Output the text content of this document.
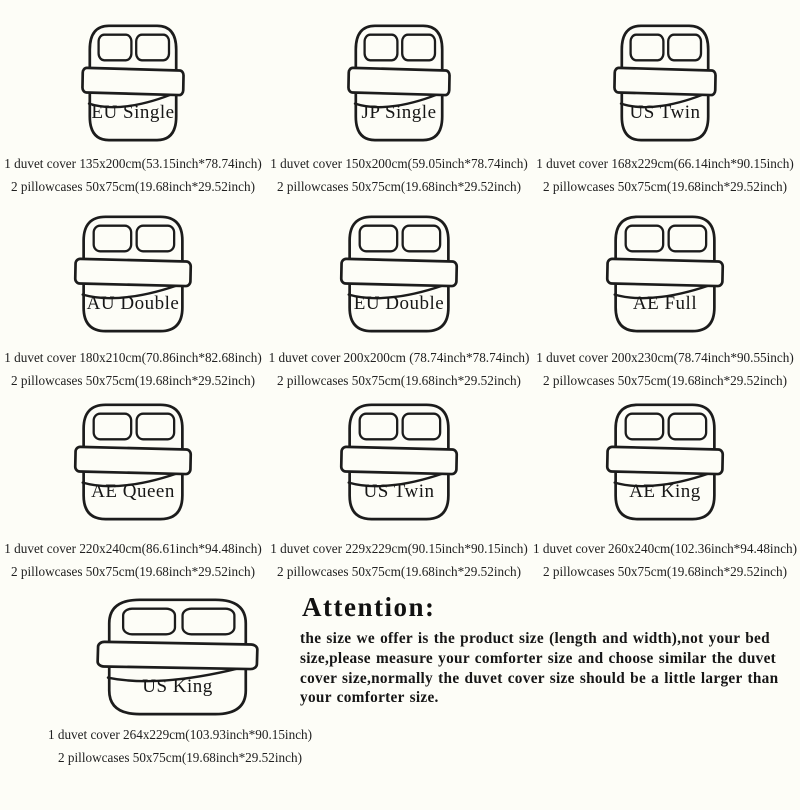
EU Single
1 duvet cover 135x200cm(53.15inch*78.74inch)
2 pillowcases 50x75cm(19.68inch*29.52inch)
JP Single
1 duvet cover 150x200cm(59.05inch*78.74inch)
2 pillowcases 50x75cm(19.68inch*29.52inch)
US Twin
1 duvet cover 168x229cm(66.14inch*90.15inch)
2 pillowcases 50x75cm(19.68inch*29.52inch)
AU Double
1 duvet cover 180x210cm(70.86inch*82.68inch)
2 pillowcases 50x75cm(19.68inch*29.52inch)
EU Double
1 duvet cover 200x200cm (78.74inch*78.74inch)
2 pillowcases 50x75cm(19.68inch*29.52inch)
AE Full
1 duvet cover 200x230cm(78.74inch*90.55inch)
2 pillowcases 50x75cm(19.68inch*29.52inch)
AE Queen
1 duvet cover 220x240cm(86.61inch*94.48inch)
2 pillowcases 50x75cm(19.68inch*29.52inch)
US Twin
1 duvet cover 229x229cm(90.15inch*90.15inch)
2 pillowcases 50x75cm(19.68inch*29.52inch)
AE King
1 duvet cover 260x240cm(102.36inch*94.48inch)
2 pillowcases 50x75cm(19.68inch*29.52inch)
US King
1 duvet cover 264x229cm(103.93inch*90.15inch)
2 pillowcases 50x75cm(19.68inch*29.52inch)
Attention:

the size we offer is the product size (length and width),not your bed size,please measure your comforter size and choose similar the duvet cover size,normally the duvet cover size should be a little larger than your comforter size.
